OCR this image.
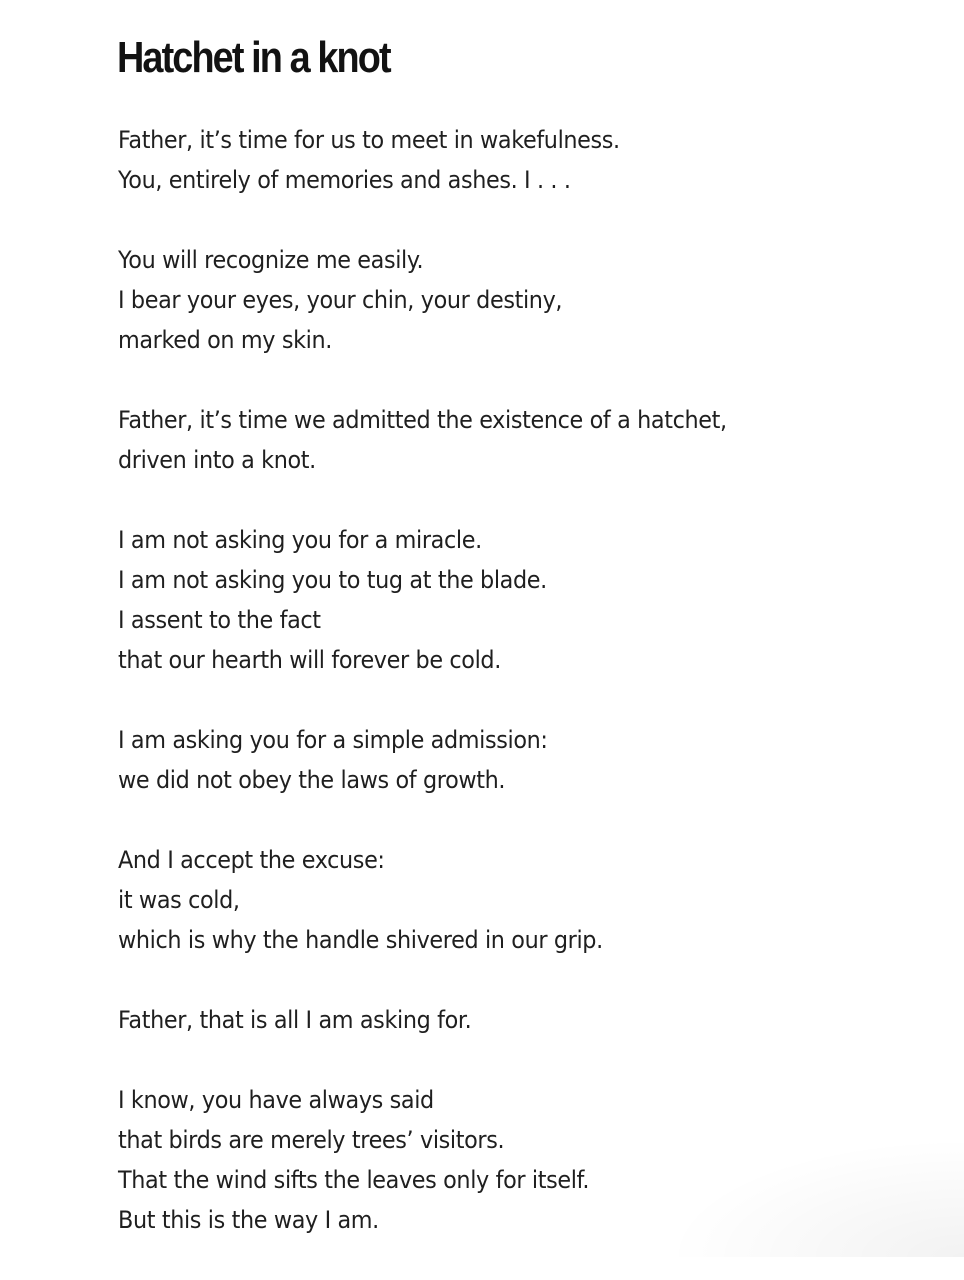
Hatchet in a knot
Father, it’s time for us to meet in wakefulness.
You, entirely of memories and ashes. I . . .
You will recognize me easily.
I bear your eyes, your chin, your destiny,
marked on my skin.
Father, it’s time we admitted the existence of a hatchet,
driven into a knot.
I am not asking you for a miracle.
I am not asking you to tug at the blade.
I assent to the fact
that our hearth will forever be cold.
I am asking you for a simple admission:
we did not obey the laws of growth.
And I accept the excuse:
it was cold,
which is why the handle shivered in our grip.
Father, that is all I am asking for.
I know, you have always said
that birds are merely trees’ visitors.
That the wind sifts the leaves only for itself.
But this is the way I am.
